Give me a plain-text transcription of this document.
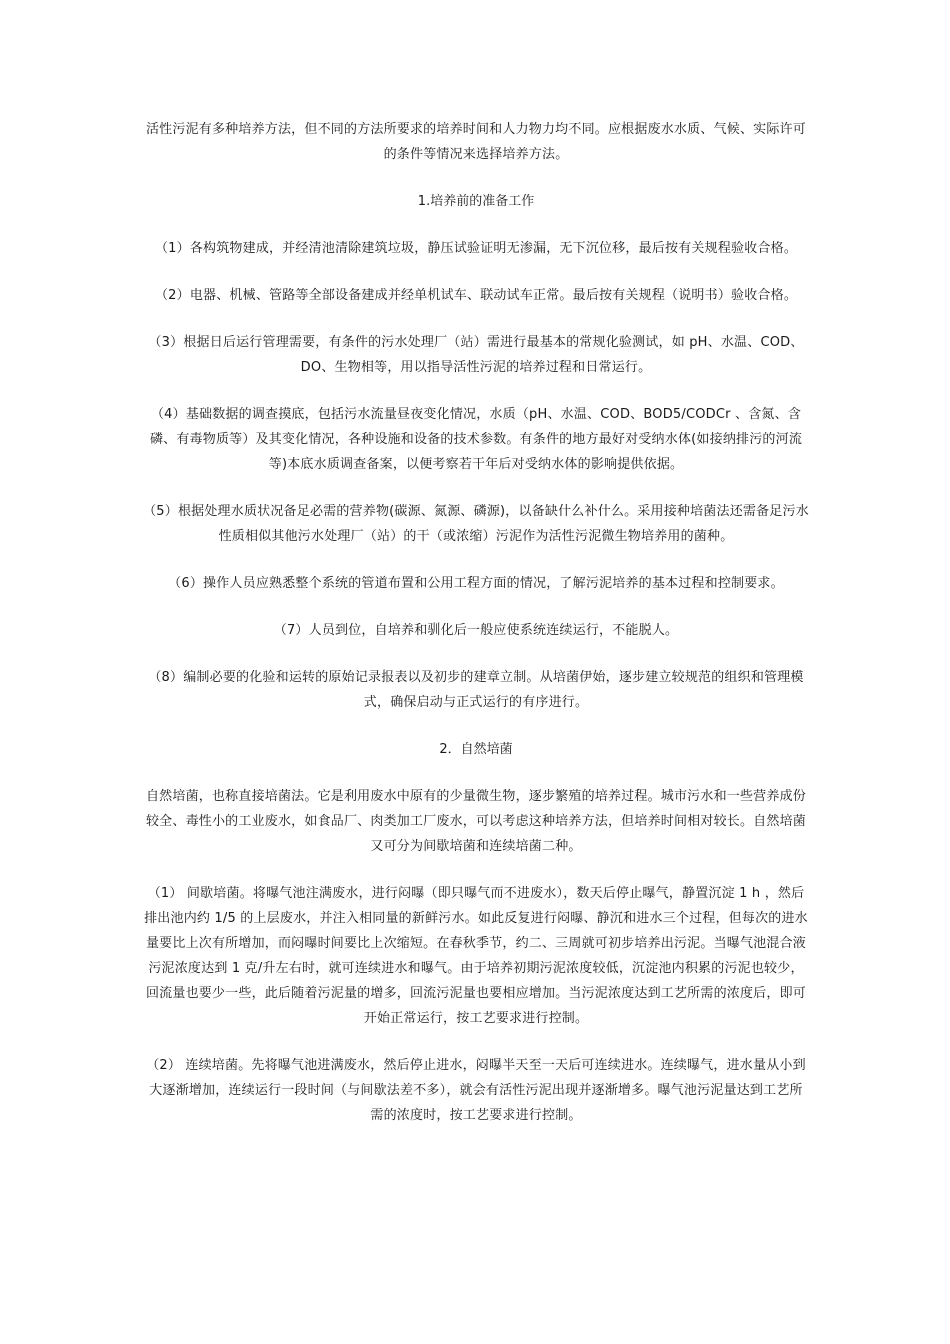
活性污泥有多种培养方法，但不同的方法所要求的培养时间和人力物力均不同。应根据废水水质、气候、实际许可的条件等情况来选择培养方法。

1.培养前的准备工作

（1）各构筑物建成，并经清池清除建筑垃圾，静压试验证明无渗漏，无下沉位移，最后按有关规程验收合格。

（2）电器、机械、管路等全部设备建成并经单机试车、联动试车正常。最后按有关规程（说明书）验收合格。

（3）根据日后运行管理需要，有条件的污水处理厂（站）需进行最基本的常规化验测试，如 pH、水温、COD、DO、生物相等，用以指导活性污泥的培养过程和日常运行。

（4）基础数据的调查摸底，包括污水流量昼夜变化情况，水质（pH、水温、COD、BOD5/CODCr 、含氮、含磷、有毒物质等）及其变化情况，各种设施和设备的技术参数。有条件的地方最好对受纳水体(如接纳排污的河流等)本底水质调查备案，以便考察若干年后对受纳水体的影响提供依据。

（5）根据处理水质状况备足必需的营养物(碳源、氮源、磷源)，以备缺什么补什么。采用接种培菌法还需备足污水性质相似其他污水处理厂（站）的干（或浓缩）污泥作为活性污泥微生物培养用的菌种。

（6）操作人员应熟悉整个系统的管道布置和公用工程方面的情况，了解污泥培养的基本过程和控制要求。

（7）人员到位，自培养和驯化后一般应使系统连续运行，不能脱人。

（8）编制必要的化验和运转的原始记录报表以及初步的建章立制。从培菌伊始，逐步建立较规范的组织和管理模式，确保启动与正式运行的有序进行。

2．自然培菌

自然培菌，也称直接培菌法。它是利用废水中原有的少量微生物，逐步繁殖的培养过程。城市污水和一些营养成份较全、毒性小的工业废水，如食品厂、肉类加工厂废水，可以考虑这种培养方法，但培养时间相对较长。自然培菌又可分为间歇培菌和连续培菌二种。

（1） 间歇培菌。将曝气池注满废水，进行闷曝（即只曝气而不进废水），数天后停止曝气，静置沉淀 1 h ，然后排出池内约 1/5 的上层废水，并注入相同量的新鲜污水。如此反复进行闷曝、静沉和进水三个过程，但每次的进水量要比上次有所增加，而闷曝时间要比上次缩短。在春秋季节，约二、三周就可初步培养出污泥。当曝气池混合液污泥浓度达到 1 克/升左右时，就可连续进水和曝气。由于培养初期污泥浓度较低，沉淀池内积累的污泥也较少，回流量也要少一些，此后随着污泥量的增多，回流污泥量也要相应增加。当污泥浓度达到工艺所需的浓度后，即可开始正常运行，按工艺要求进行控制。

（2） 连续培菌。先将曝气池进满废水，然后停止进水，闷曝半天至一天后可连续进水。连续曝气，进水量从小到大逐渐增加，连续运行一段时间（与间歇法差不多），就会有活性污泥出现并逐渐增多。曝气池污泥量达到工艺所需的浓度时，按工艺要求进行控制。
